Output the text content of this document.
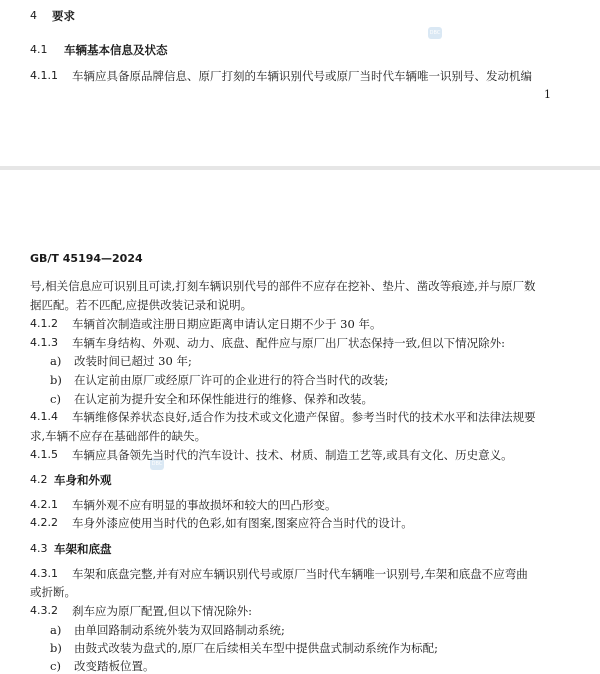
DBC
4 要求
4.1 车辆基本信息及状态
4.1.1 车辆应具备原品牌信息、原厂打刻的车辆识别代号或原厂当时代车辆唯一识别号、发动机编
1
DBC
GB/T 45194—2024
号,相关信息应可识别且可读,打刻车辆识别代号的部件不应存在挖补、垫片、凿改等痕迹,并与原厂数
据匹配。若不匹配,应提供改装记录和说明。
4.1.2 车辆首次制造或注册日期应距离申请认定日期不少于 30 年。
4.1.3 车辆车身结构、外观、动力、底盘、配件应与原厂出厂状态保持一致,但以下情况除外:
a) 改装时间已超过 30 年;
b) 在认定前由原厂或经原厂许可的企业进行的符合当时代的改装;
c) 在认定前为提升安全和环保性能进行的维修、保养和改装。
4.1.4 车辆维修保养状态良好,适合作为技术或文化遗产保留。参考当时代的技术水平和法律法规要
求,车辆不应存在基础部件的缺失。
4.1.5 车辆应具备领先当时代的汽车设计、技术、材质、制造工艺等,或具有文化、历史意义。
4.2 车身和外观
4.2.1 车辆外观不应有明显的事故损坏和较大的凹凸形变。
4.2.2 车身外漆应使用当时代的色彩,如有图案,图案应符合当时代的设计。
4.3 车架和底盘
4.3.1 车架和底盘完整,并有对应车辆识别代号或原厂当时代车辆唯一识别号,车架和底盘不应弯曲
或折断。
4.3.2 刹车应为原厂配置,但以下情况除外:
a) 由单回路制动系统外装为双回路制动系统;
b) 由鼓式改装为盘式的,原厂在后续相关车型中提供盘式制动系统作为标配;
c) 改变踏板位置。
